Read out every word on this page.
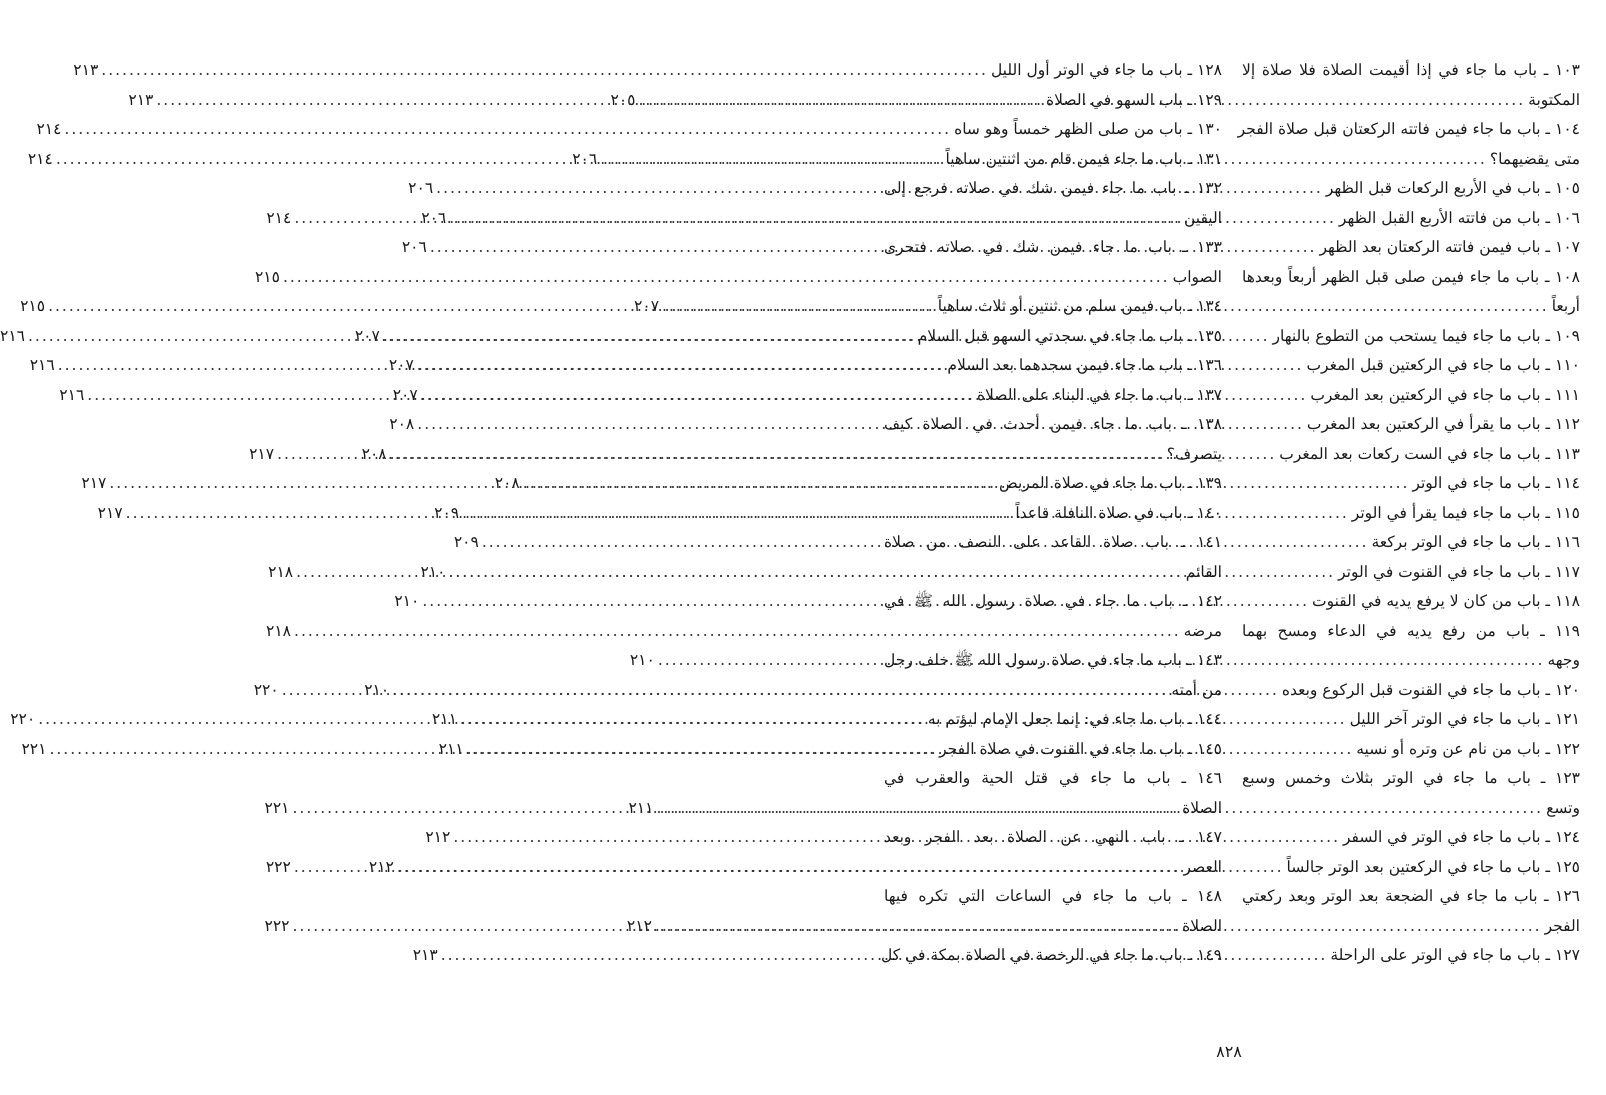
١٠٣ ـ باب ما جاء في إذا أقيمت الصلاة فلا صلاة إلا
المكتوبة
.....
٢٠٥
١٠٤ ـ باب ما جاء فيمن فاتته الركعتان قبل صلاة الفجر
متى يقضيهما؟
.....
٢٠٦
١٠٥ ـ باب في الأربع الركعات قبل الظهر
.....
٢٠٦
١٠٦ ـ باب من فاتته الأربع القبل الظهر
.....
٢٠٦
١٠٧ ـ باب فيمن فاتته الركعتان بعد الظهر
.....
٢٠٦
١٠٨ ـ باب ما جاء فيمن صلى قبل الظهر أربعاً وبعدها
أربعاً
.....
٢٠٧
١٠٩ ـ باب ما جاء فيما يستحب من التطوع بالنهار
.....
٢٠٧
١١٠ ـ باب ما جاء في الركعتين قبل المغرب
.....
٢٠٧
١١١ ـ باب ما جاء في الركعتين بعد المغرب
.....
٢٠٧
١١٢ ـ باب ما يقرأ في الركعتين بعد المغرب
.....
٢٠٨
١١٣ ـ باب ما جاء في الست ركعات بعد المغرب
.....
٢٠٨
١١٤ ـ باب ما جاء في الوتر
.....
٢٠٨
١١٥ ـ باب ما جاء فيما يقرأ في الوتر
.....
٢٠٩
١١٦ ـ باب ما جاء في الوتر بركعة
.....
٢٠٩
١١٧ ـ باب ما جاء في القنوت في الوتر
.....
٢١٠
١١٨ ـ باب من كان لا يرفع يديه في القنوت
.....
٢١٠
١١٩ ـ باب من رفع يديه في الدعاء ومسح بهما
وجهه
.....
٢١٠
١٢٠ ـ باب ما جاء في القنوت قبل الركوع وبعده
.....
٢١٠
١٢١ ـ باب ما جاء في الوتر آخر الليل
.....
٢١١
١٢٢ ـ باب من نام عن وتره أو نسيه
.....
٢١١
١٢٣ ـ باب ما جاء في الوتر بثلاث وخمس وسبع
وتسع
.....
٢١١
١٢٤ ـ باب ما جاء في الوتر في السفر
.....
٢١٢
١٢٥ ـ باب ما جاء في الركعتين بعد الوتر جالساً
.....
٢١٢
١٢٦ ـ باب ما جاء في الضجعة بعد الوتر وبعد ركعتي
الفجر
.....
٢١٢
١٢٧ ـ باب ما جاء في الوتر على الراحلة
.....
٢١٣
١٢٨ ـ باب ما جاء في الوتر أول الليل
.....
٢١٣
١٢٩ ـ باب السهو في الصلاة
.....
٢١٣
١٣٠ ـ باب من صلى الظهر خمساً وهو ساه
.....
٢١٤
١٣١ ـ باب ما جاء فيمن قام من اثنتين ساهياً
.....
٢١٤
١٣٢ ـ باب ما جاء فيمن شك في صلاته فرجع إلى
اليقين
.....
٢١٤
١٣٣ ـ باب ما جاء فيمن شك في صلاته فتحرى
الصواب
.....
٢١٥
١٣٤ ـ باب فيمن سلم من ثنتين أو ثلاث ساهياً
.....
٢١٥
١٣٥ ـ باب ما جاء في سجدتي السهو قبل السلام
.....
٢١٦
١٣٦ ـ باب ما جاء فيمن سجدهما بعد السلام
.....
٢١٦
١٣٧ ـ باب ما جاء في البناء على الصلاة
.....
٢١٦
١٣٨ ـ باب ما جاء فيمن أحدث في الصلاة كيف
يتصرف؟
.....
٢١٧
١٣٩ ـ باب ما جاء في صلاة المريض
.....
٢١٧
١٤٠ ـ باب في صلاة النافلة قاعداً
.....
٢١٧
١٤١ ـ باب صلاة القاعد على النصف من صلاة
القائم
.....
٢١٨
١٤٢ ـ باب ما جاء في صلاة رسول الله ﷺ في
مرضه
.....
٢١٨
١٤٣ ـ باب ما جاء في صلاة رسول الله ﷺ خلف رجل
من أمته
.....
٢٢٠
١٤٤ ـ باب ما جاء في: إنما جعل الإمام ليؤتم به
.....
٢٢٠
١٤٥ ـ باب ما جاء في القنوت في صلاة الفجر
.....
٢٢١
١٤٦ ـ باب ما جاء في قتل الحية والعقرب في
الصلاة
.....
٢٢١
١٤٧ ـ باب النهي عن الصلاة بعد الفجر وبعد
العصر
.....
٢٢٢
١٤٨ ـ باب ما جاء في الساعات التي تكره فيها
الصلاة
.....
٢٢٢
١٤٩ ـ باب ما جاء في الرخصة في الصلاة بمكة في كل
٨٢٨
